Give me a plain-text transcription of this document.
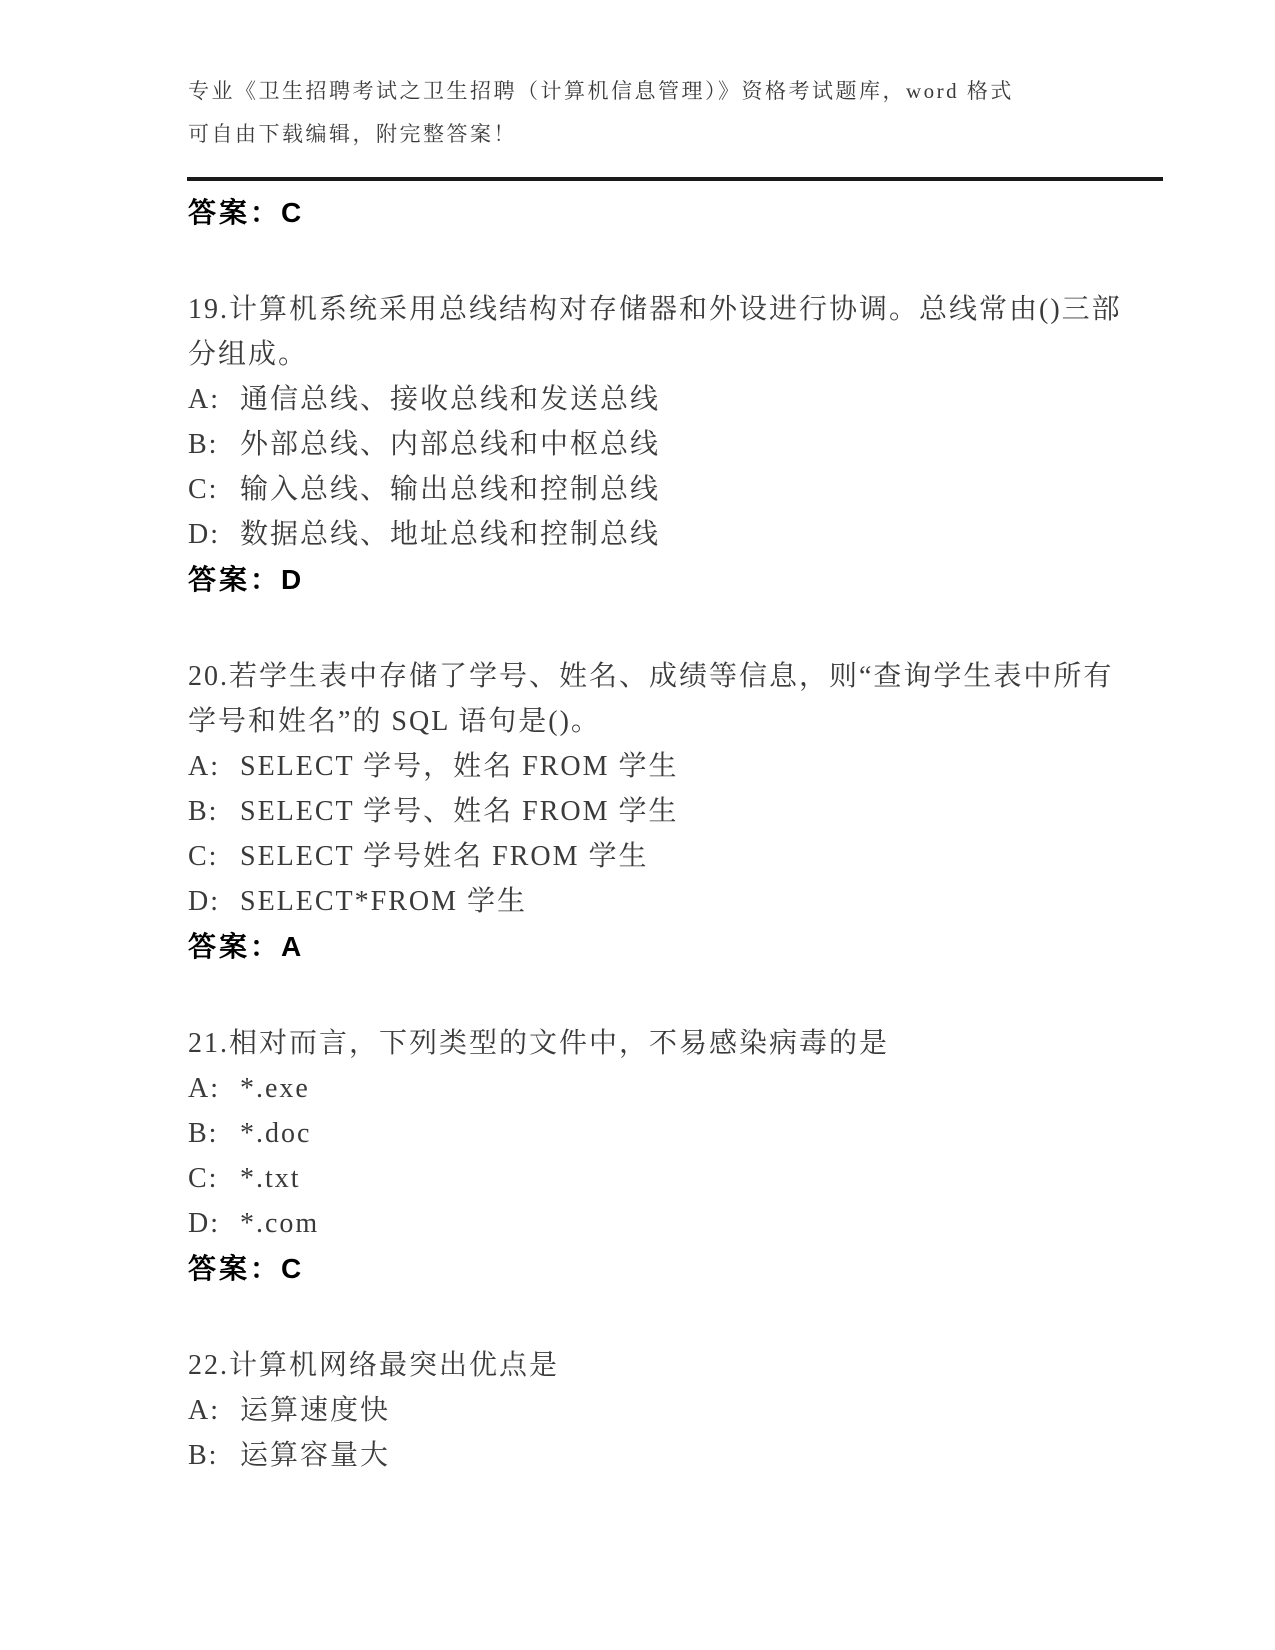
专业《卫生招聘考试之卫生招聘（计算机信息管理）》资格考试题库，word 格式

可自由下载编辑，附完整答案！

答案：C

19.计算机系统采用总线结构对存储器和外设进行协调。总线常由()三部分组成。

A: 通信总线、接收总线和发送总线
B: 外部总线、内部总线和中枢总线
C: 输入总线、输出总线和控制总线
D: 数据总线、地址总线和控制总线

答案：D

20.若学生表中存储了学号、姓名、成绩等信息，则“查询学生表中所有学号和姓名”的 SQL 语句是()。

A: SELECT 学号，姓名 FROM 学生
B: SELECT 学号、姓名 FROM 学生
C: SELECT 学号姓名 FROM 学生
D: SELECT*FROM 学生

答案：A

21.相对而言，下列类型的文件中，不易感染病毒的是

A: *.exe
B: *.doc
C: *.txt
D: *.com

答案：C

22.计算机网络最突出优点是

A: 运算速度快
B: 运算容量大
